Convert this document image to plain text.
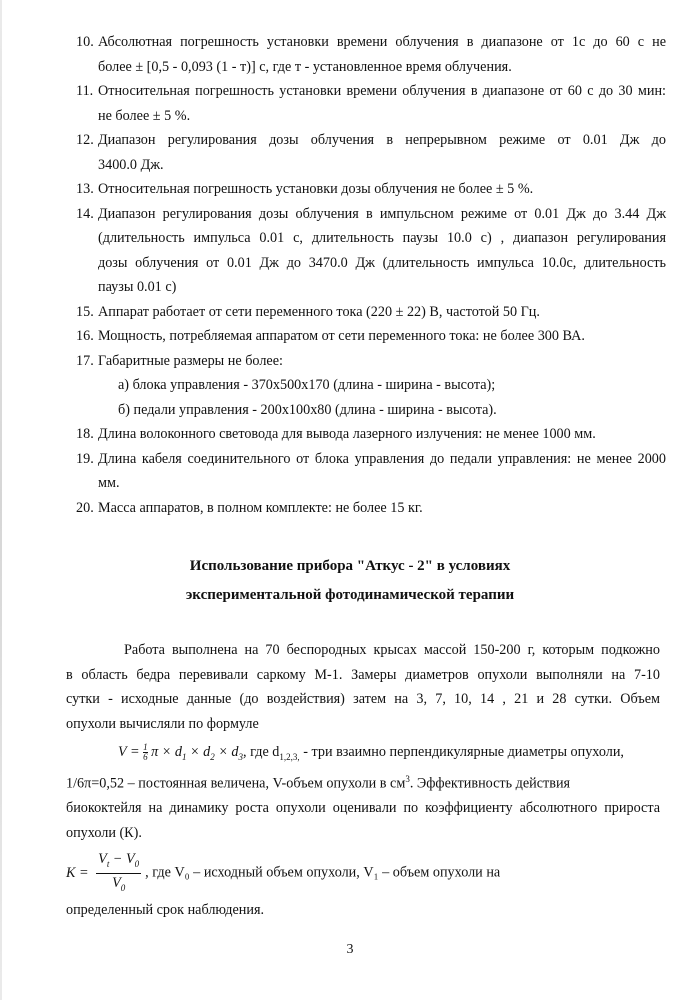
10. Абсолютная погрешность установки времени облучения в диапазоне от 1с до 60 с не
более ± [0,5 - 0,093 (1 - т)] с, где т - установленное время облучения.
11. Относительная погрешность установки времени облучения в диапазоне от 60 с до 30 мин:
не более ± 5 %.
12. Диапазон регулирования дозы облучения в непрерывном режиме от 0.01 Дж до
3400.0 Дж.
13. Относительная погрешность установки дозы облучения не более ± 5 %.
14. Диапазон регулирования дозы облучения в импульсном режиме от 0.01 Дж до 3.44 Дж
(длительность импульса 0.01 с, длительность паузы 10.0 с) , диапазон регулирования
дозы облучения от 0.01 Дж до 3470.0 Дж (длительность импульса 10.0с, длительность
паузы 0.01 с)
15. Аппарат работает от сети переменного тока (220 ± 22) В, частотой 50 Гц.
16. Мощность, потребляемая аппаратом от сети переменного тока: не более 300 ВА.
17. Габаритные размеры не более:
а) блока управления - 370х500х170 (длина - ширина - высота);
б) педали управления - 200х100х80 (длина - ширина - высота).
18. Длина волоконного световода для вывода лазерного излучения: не менее 1000 мм.
19. Длина кабеля соединительного от блока управления до педали управления: не менее 2000
мм.
20. Масса аппаратов, в полном комплекте: не более 15 кг.
Использование прибора "Аткус - 2" в условиях
экспериментальной фотодинамической терапии
Работа выполнена на 70 беспородных крысах массой 150-200 г, которым подкожно
в область бедра перевивали саркому М-1. Замеры диаметров опухоли выполняли на 7-10
сутки - исходные данные (до воздействия) затем на 3, 7, 10, 14 , 21 и 28 сутки. Объем
опухоли вычисляли по формуле
$V = \frac{1}{6}$ $\pi \times d_1 \times d_2 \times d_3$, где $d_{1,2,3,}$ - три взаимно перпендикулярные диаметры опухоли,
1/6π=0,52 – постоянная величена, V-объем опухоли в $см^3$. Эффективность действия
биококтейля на динамику роста опухоли оценивали по коэффициенту абсолютного прироста
опухоли (К).
$K = \frac{V_t - V_0}{V_0}$ , где V₀ – исходный объем опухоли, V₁ – объем опухоли на
определенный срок наблюдения.
3
